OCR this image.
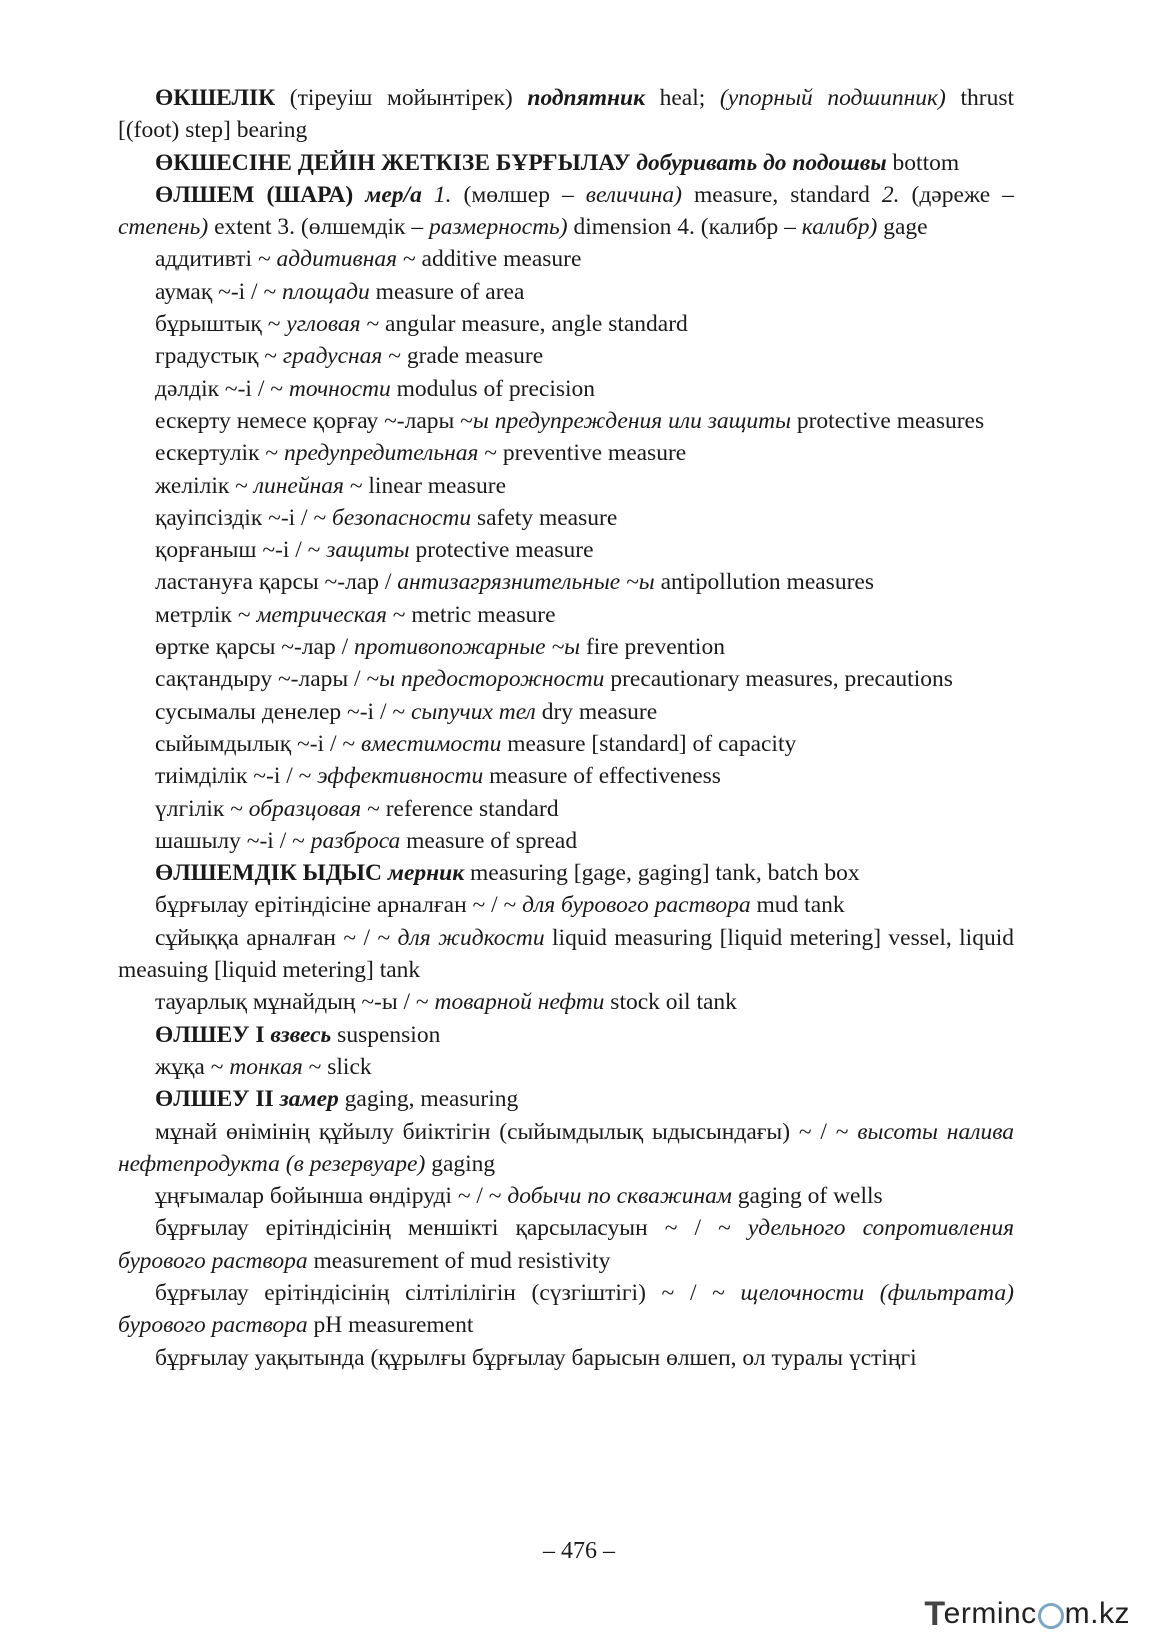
ӨКШЕЛІК (тіреуіш мойынтірек) подпятник heal; (упорный подшипник) thrust [(foot) step] bearing

ӨКШЕСІНЕ ДЕЙІН ЖЕТКІЗЕ БҰРҒЫЛАУ добуривать до подошвы bottom

ӨЛШЕМ (ШАРА) мер/а 1. (мөлшер – величина) measure, standard 2. (дәреже – степень) extent 3. (өлшемдік – размерность) dimension 4. (калибр – калибр) gage

аддитивті ~ аддитивная ~ additive measure

аумақ ~-і / ~ площади measure of area

бұрыштық ~ угловая ~ angular measure, angle standard

градустық ~ градусная ~ grade measure

дәлдік ~-і / ~ точности modulus of precision

ескерту немесе қорғау ~-лары ~ы предупреждения или защиты protective measures

ескертулік ~ предупредительная ~ preventive measure

желілік ~ линейная ~ linear measure

қауіпсіздік ~-і / ~ безопасности safety measure

қорғаныш ~-і / ~ защиты protective measure

ластануға қарсы ~-лар / антизагрязнительные ~ы antipollution measures

метрлік ~ метрическая ~ metric measure

өртке қарсы ~-лар / противопожарные ~ы fire prevention

сақтандыру ~-лары / ~ы предосторожности precautionary measures, precautions

сусымалы денелер ~-і / ~ сыпучих тел dry measure

сыйымдылық ~-і / ~ вместимости measure [standard] of capacity

тиімділік ~-і / ~ эффективности measure of effectiveness

үлгілік ~ образцовая ~ reference standard

шашылу ~-і / ~ разброса measure of spread

ӨЛШЕМДІК ЫДЫС мерник measuring [gage, gaging] tank, batch box

бұрғылау ерітіндісіне арналған ~ / ~ для бурового раствора mud tank

сұйыққа арналған ~ / ~ для жидкости liquid measuring [liquid metering] vessel, liquid measuing [liquid metering] tank

тауарлық мұнайдың ~-ы / ~ товарной нефти stock oil tank

ӨЛШЕУ І взвесь suspension

жұқа ~ тонкая ~ slick

ӨЛШЕУ ІІ замер gaging, measuring

мұнай өнімінің құйылу биіктігін (сыйымдылық ыдысындағы) ~ / ~ высоты налива нефтепродукта (в резервуаре) gaging

ұңғымалар бойынша өндіруді ~ / ~ добычи по скважинам gaging of wells

бұрғылау ерітіндісінің меншікті қарсыласуын ~ / ~ удельного сопротивления бурового раствора measurement of mud resistivity

бұрғылау ерітіндісінің сілтілілігін (сүзгіштігі) ~ / ~ щелочности (фильтрата) бурового раствора pH measurement

бұрғылау уақытында (құрылғы бұрғылау барысын өлшеп, ол туралы үстіңгі

– 476 –
T
erminc m.kz
